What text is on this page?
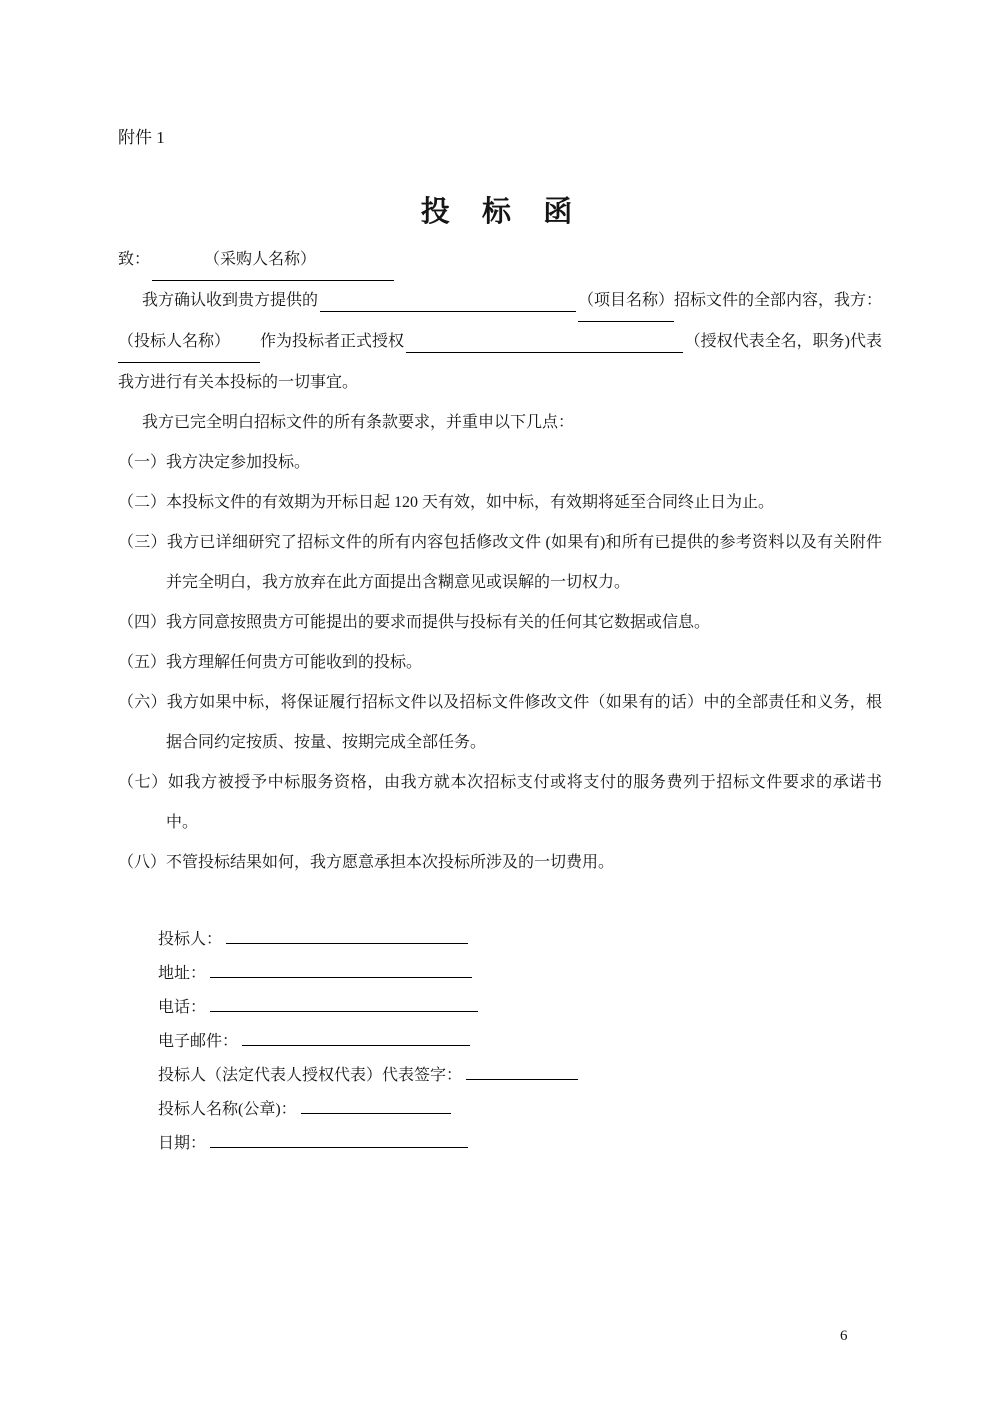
附件 1
投 标 函
致：	（采购人名称）
我方确认收到贵方提供的	（项目名称） 招标文件的全部内容，我方：
（投标人名称）	作为投标者正式授权	（授权代表全名，职务)代表
我方进行有关本投标的一切事宜。
我方已完全明白招标文件的所有条款要求，并重申以下几点：
（一）我方决定参加投标。
（二）本投标文件的有效期为开标日起 120 天有效，如中标，有效期将延至合同终止日为止。
（三）我方已详细研究了招标文件的所有内容包括修改文件 (如果有)和所有已提供的参考资料以及有关附件并完全明白，我方放弃在此方面提出含糊意见或误解的一切权力。
（四）我方同意按照贵方可能提出的要求而提供与投标有关的任何其它数据或信息。
（五）我方理解任何贵方可能收到的投标。
（六）我方如果中标，将保证履行招标文件以及招标文件修改文件（如果有的话）中的全部责任和义务，根据合同约定按质、按量、按期完成全部任务。
（七）如我方被授予中标服务资格，由我方就本次招标支付或将支付的服务费列于招标文件要求的承诺书中。
（八）不管投标结果如何，我方愿意承担本次投标所涉及的一切费用。
投标人：
地址：
电话：
电子邮件：
投标人（法定代表人授权代表）代表签字：
投标人名称(公章)：
日期：
6
